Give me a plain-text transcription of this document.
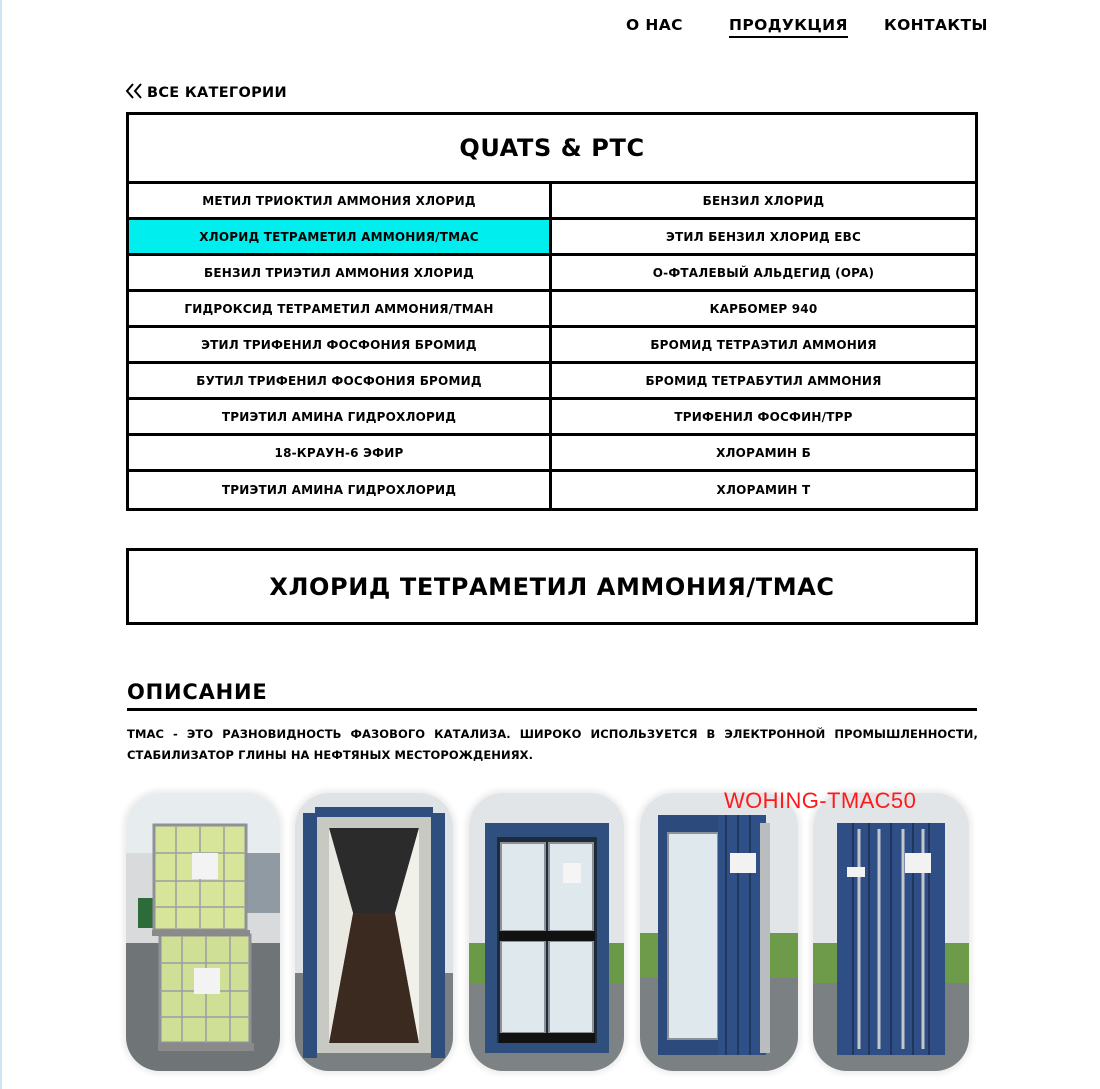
О НАС	ПРОДУКЦИЯ КОНТАКТЫ
ВСЕ КАТЕГОРИИ
QUATS & PTC
МЕТИЛ ТРИОКТИЛ АММОНИЯ ХЛОРИД	БЕНЗИЛ ХЛОРИД
ХЛОРИД ТЕТРАМЕТИЛ АММОНИЯ/TMAC	ЭТИЛ БЕНЗИЛ ХЛОРИД EBC
БЕНЗИЛ ТРИЭТИЛ АММОНИЯ ХЛОРИД	О-ФТАЛЕВЫЙ АЛЬДЕГИД (OPA)
ГИДРОКСИД ТЕТРАМЕТИЛ АММОНИЯ/TMAH	КАРБОМЕР 940
ЭТИЛ ТРИФЕНИЛ ФОСФОНИЯ БРОМИД	БРОМИД ТЕТРАЭТИЛ АММОНИЯ
БУТИЛ ТРИФЕНИЛ ФОСФОНИЯ БРОМИД	БРОМИД ТЕТРАБУТИЛ АММОНИЯ
ТРИЭТИЛ АМИНА ГИДРОХЛОРИД	ТРИФЕНИЛ ФОСФИН/TPP
18-КРАУН-6 ЭФИР	ХЛОРАМИН Б
ТРИЭТИЛ АМИНА ГИДРОХЛОРИД	ХЛОРАМИН Т
ХЛОРИД ТЕТРАМЕТИЛ АММОНИЯ/TMAC
ОПИСАНИЕ
TMAC - ЭТО РАЗНОВИДНОСТЬ ФАЗОВОГО КАТАЛИЗА. ШИРОКО ИСПОЛЬЗУЕТСЯ В ЭЛЕКТРОННОЙ ПРОМЫШЛЕННОСТИ, СТАБИЛИЗАТОР ГЛИНЫ НА НЕФТЯНЫХ МЕСТОРОЖДЕНИЯХ.
WOHING-TMAC50
